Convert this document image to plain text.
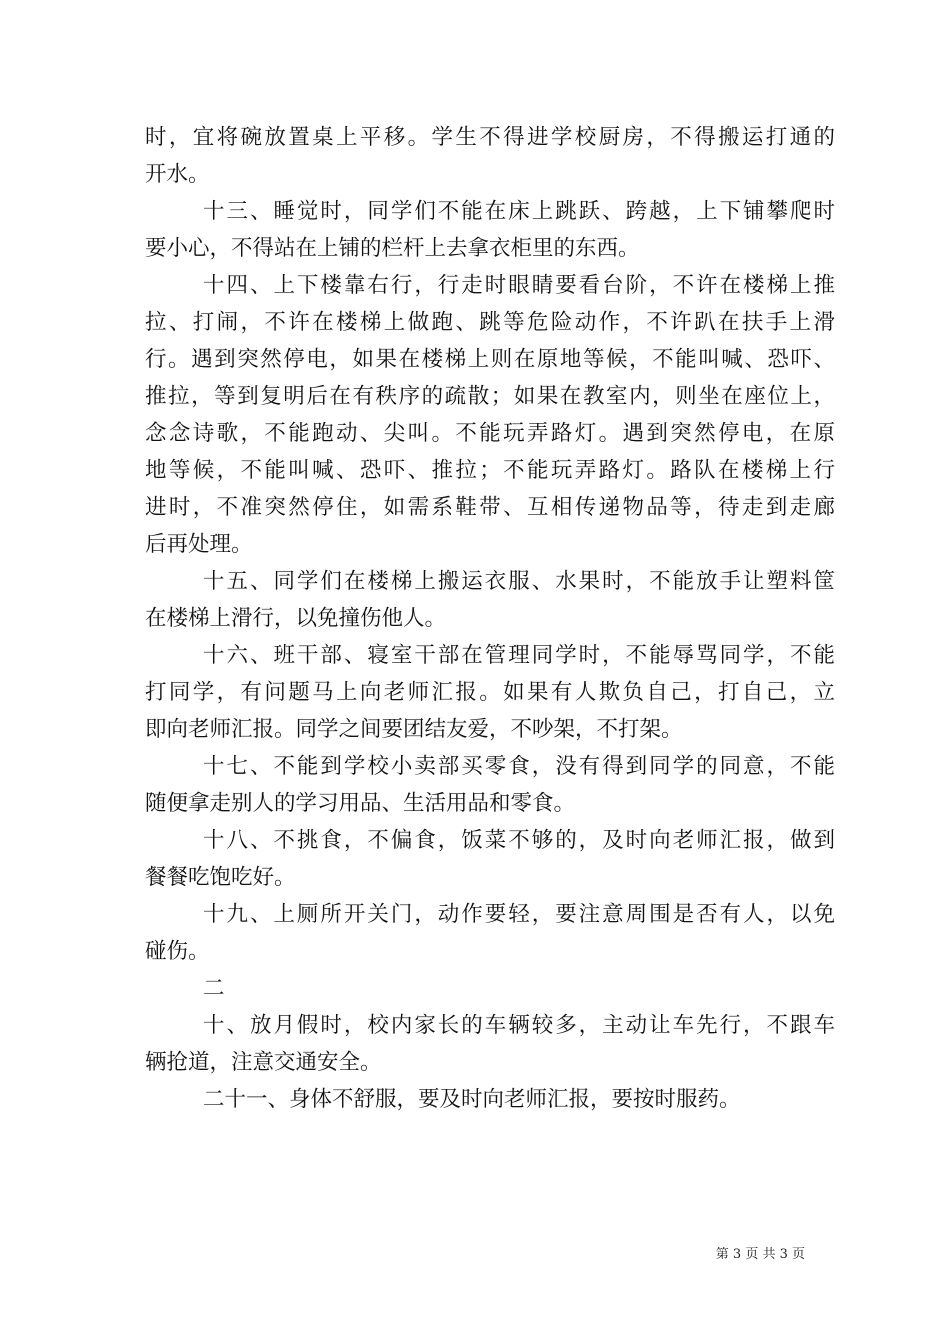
时，宜将碗放置桌上平移。学生不得进学校厨房，不得搬运打通的
开水。
十三、睡觉时，同学们不能在床上跳跃、跨越，上下铺攀爬时
要小心，不得站在上铺的栏杆上去拿衣柜里的东西。
十四、上下楼靠右行，行走时眼睛要看台阶，不许在楼梯上推
拉、打闹，不许在楼梯上做跑、跳等危险动作，不许趴在扶手上滑
行。遇到突然停电，如果在楼梯上则在原地等候，不能叫喊、恐吓、
推拉，等到复明后在有秩序的疏散；如果在教室内，则坐在座位上，
念念诗歌，不能跑动、尖叫。不能玩弄路灯。遇到突然停电，在原
地等候，不能叫喊、恐吓、推拉；不能玩弄路灯。路队在楼梯上行
进时，不准突然停住，如需系鞋带、互相传递物品等，待走到走廊
后再处理。
十五、同学们在楼梯上搬运衣服、水果时，不能放手让塑料筐
在楼梯上滑行，以免撞伤他人。
十六、班干部、寝室干部在管理同学时，不能辱骂同学，不能
打同学，有问题马上向老师汇报。如果有人欺负自己，打自己，立
即向老师汇报。同学之间要团结友爱，不吵架，不打架。
十七、不能到学校小卖部买零食，没有得到同学的同意，不能
随便拿走别人的学习用品、生活用品和零食。
十八、不挑食，不偏食，饭菜不够的，及时向老师汇报，做到
餐餐吃饱吃好。
十九、上厕所开关门，动作要轻，要注意周围是否有人，以免
碰伤。
二
十、放月假时，校内家长的车辆较多，主动让车先行，不跟车
辆抢道，注意交通安全。
二十一、身体不舒服，要及时向老师汇报，要按时服药。
第 3 页 共 3 页
